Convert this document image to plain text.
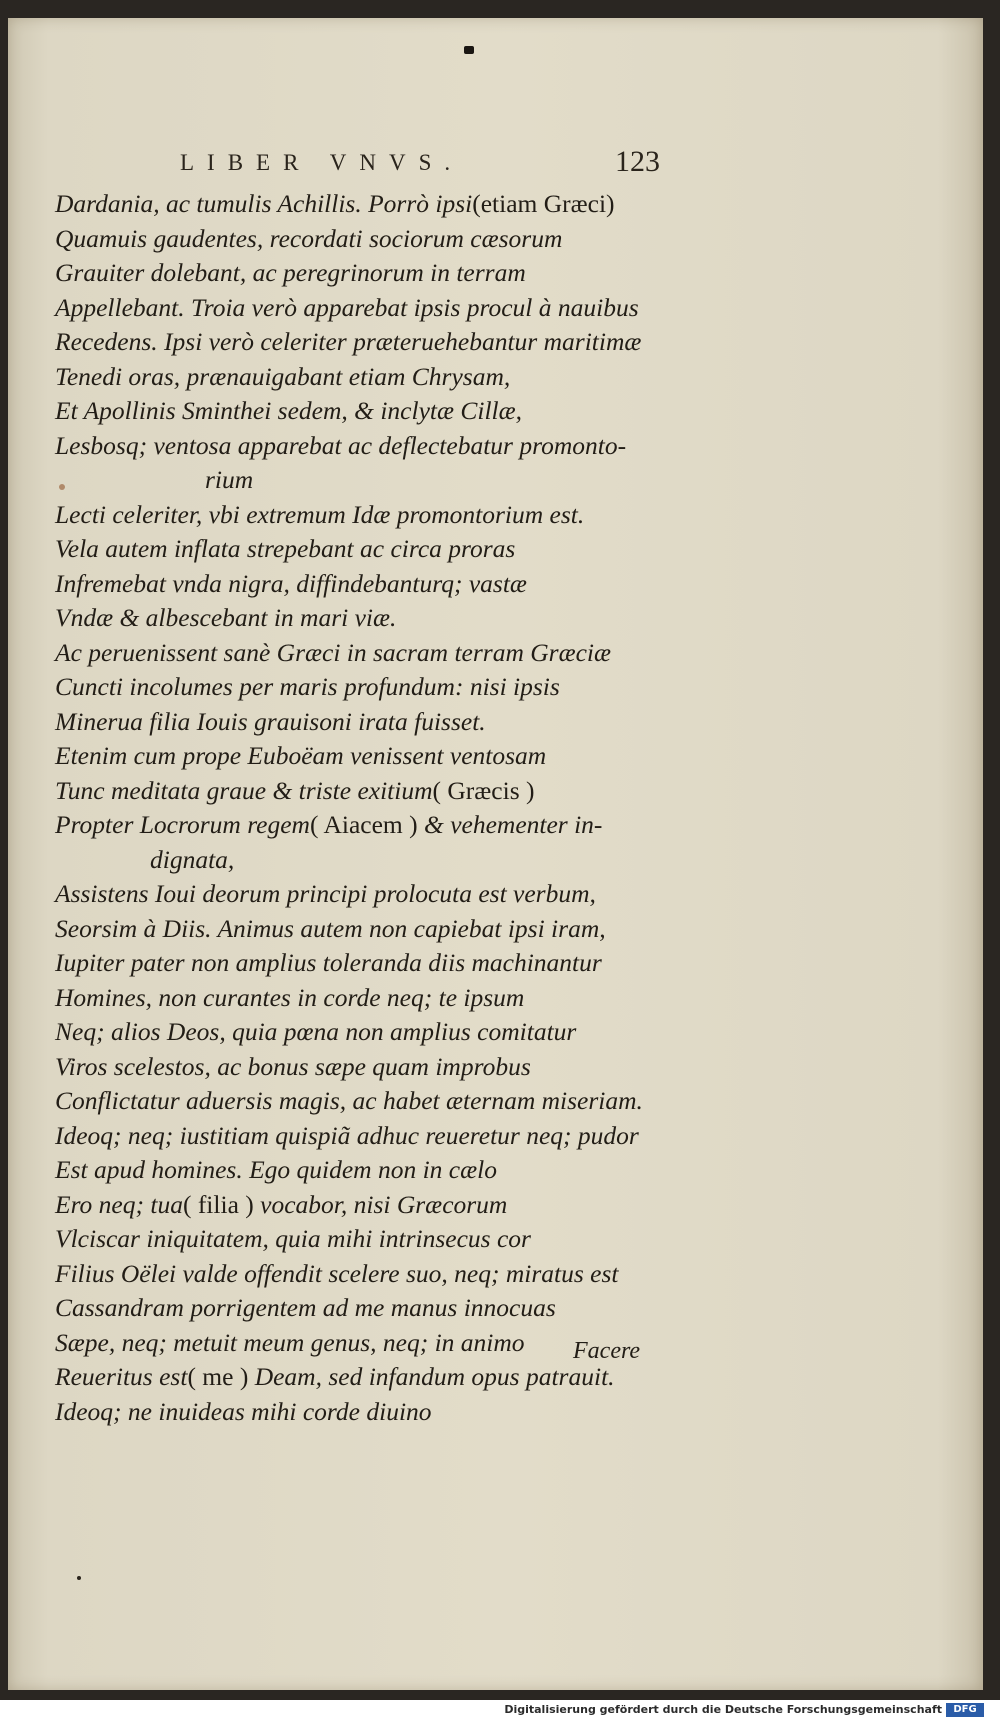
LIBER VNVS.	123
Dardania, ac tumulis Achillis. Porrò ipsi(etiam Græci)
Quamuis gaudentes, recordati sociorum cæsorum
Grauiter dolebant, ac peregrinorum in terram
Appellebant. Troia verò apparebat ipsis procul à nauibus
Recedens. Ipsi verò celeriter præteruehebantur maritimæ
Tenedi oras, prænauigabant etiam Chrysam,
Et Apollinis Sminthei sedem, & inclytæ Cillæ,
Lesbosq; ventosa apparebat ac deflectebatur promonto-
rium
Lecti celeriter, vbi extremum Idæ promontorium est.
Vela autem inflata strepebant ac circa proras
Infremebat vnda nigra, diffindebanturq; vastæ
Vndæ & albescebant in mari viæ.
Ac peruenissent sanè Græci in sacram terram Græciæ
Cuncti incolumes per maris profundum: nisi ipsis
Minerua filia Iouis grauisoni irata fuisset.
Etenim cum prope Euboëam venissent ventosam
Tunc meditata graue & triste exitium( Græcis )
Propter Locrorum regem( Aiacem ) & vehementer in-
dignata,
Assistens Ioui deorum principi prolocuta est verbum,
Seorsim à Diis. Animus autem non capiebat ipsi iram,
Iupiter pater non amplius toleranda diis machinantur
Homines, non curantes in corde neq; te ipsum
Neq; alios Deos, quia pœna non amplius comitatur
Viros scelestos, ac bonus sæpe quam improbus
Conflictatur aduersis magis, ac habet æternam miseriam.
Ideoq; neq; iustitiam quispiã adhuc reueretur neq; pudor
Est apud homines. Ego quidem non in cælo
Ero neq; tua( filia ) vocabor, nisi Græcorum
Vlciscar iniquitatem, quia mihi intrinsecus cor
Filius Oëlei valde offendit scelere suo, neq; miratus est
Cassandram porrigentem ad me manus innocuas
Sæpe, neq; metuit meum genus, neq; in animo
Reueritus est( me ) Deam, sed infandum opus patrauit.
Ideoq; ne inuideas mihi corde diuino
Facere
Digitalisierung gefördert durch die Deutsche Forschungsgemeinschaft	DFG
